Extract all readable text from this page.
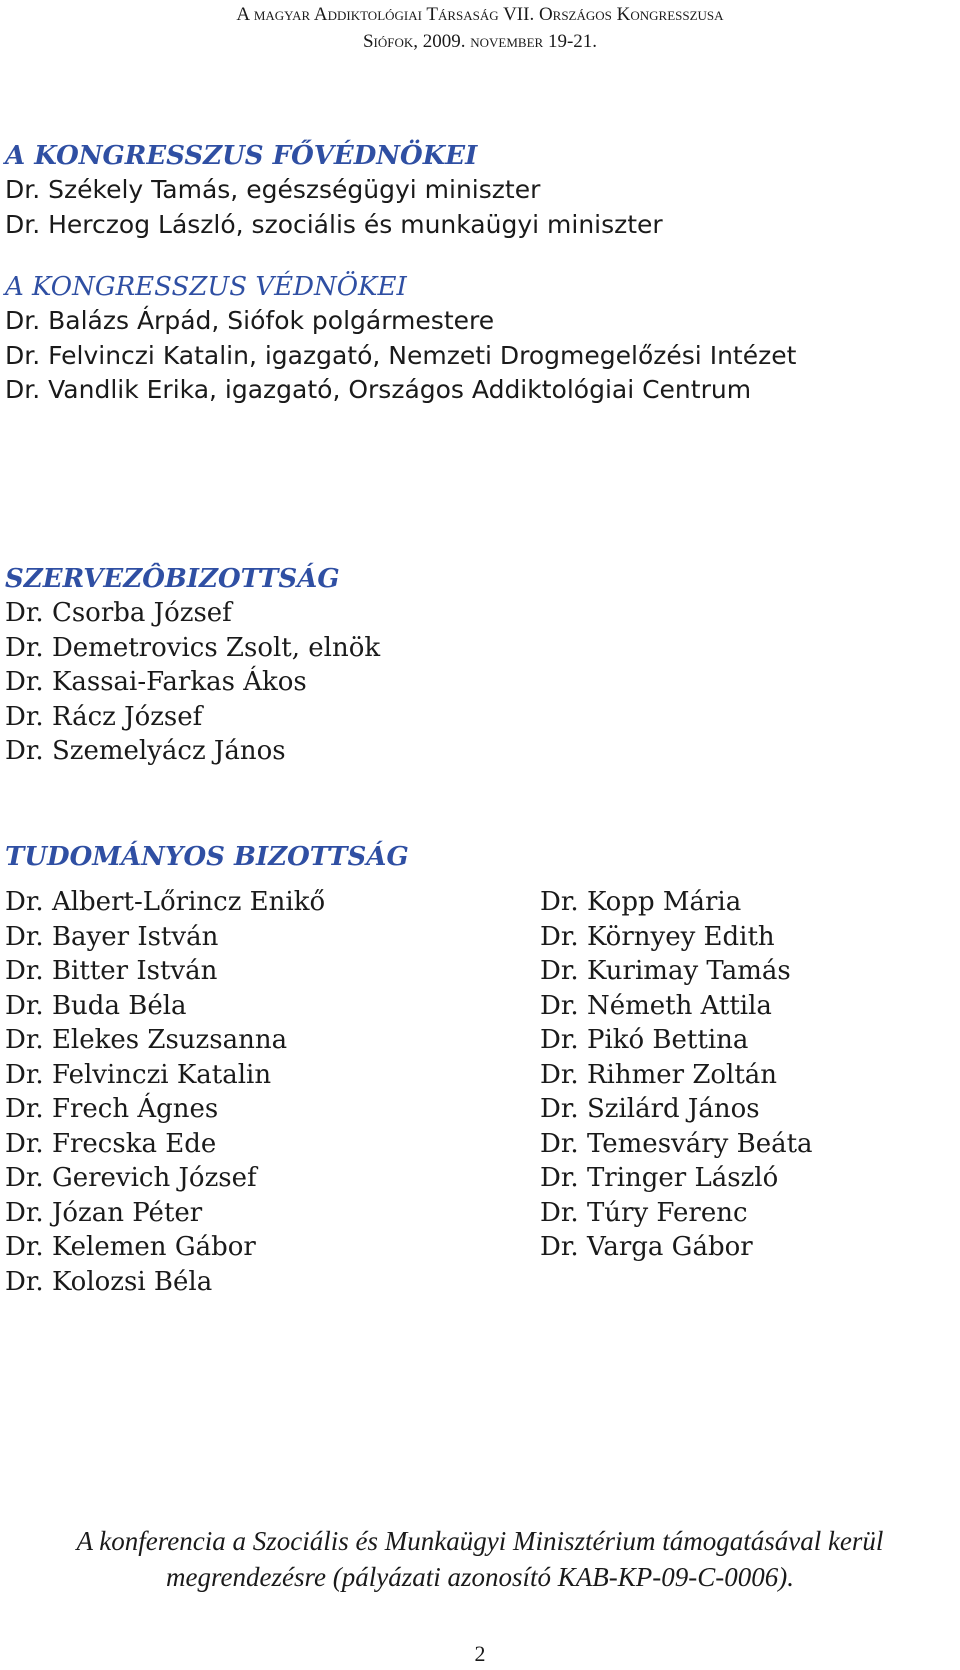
A magyar Addiktológiai Társaság VII. Országos Kongresszusa
Siófok, 2009. november 19-21.
A KONGRESSZUS FŐVÉDNÖKEI
Dr. Székely Tamás, egészségügyi miniszter
Dr. Herczog László, szociális és munkaügyi miniszter
A KONGRESSZUS VÉDNÖKEI
Dr. Balázs Árpád, Siófok polgármestere
Dr. Felvinczi Katalin, igazgató, Nemzeti Drogmegelőzési Intézet
Dr. Vandlik Erika, igazgató, Országos Addiktológiai Centrum
SZERVEZÔBIZOTTSÁG
Dr. Csorba József
Dr. Demetrovics Zsolt, elnök
Dr. Kassai-Farkas Ákos
Dr. Rácz József
Dr. Szemelyácz János
TUDOMÁNYOS BIZOTTSÁG
Dr. Albert-Lőrincz Enikő
Dr. Bayer István
Dr. Bitter István
Dr. Buda Béla
Dr. Elekes Zsuzsanna
Dr. Felvinczi Katalin
Dr. Frech Ágnes
Dr. Frecska Ede
Dr. Gerevich József
Dr. Józan Péter
Dr. Kelemen Gábor
Dr. Kolozsi Béla
Dr. Kopp Mária
Dr. Környey Edith
Dr. Kurimay Tamás
Dr. Németh Attila
Dr. Pikó Bettina
Dr. Rihmer Zoltán
Dr. Szilárd János
Dr. Temesváry Beáta
Dr. Tringer László
Dr. Túry Ferenc
Dr. Varga Gábor
A konferencia a Szociális és Munkaügyi Minisztérium támogatásával kerül
megrendezésre (pályázati azonosító KAB-KP-09-C-0006).
2
